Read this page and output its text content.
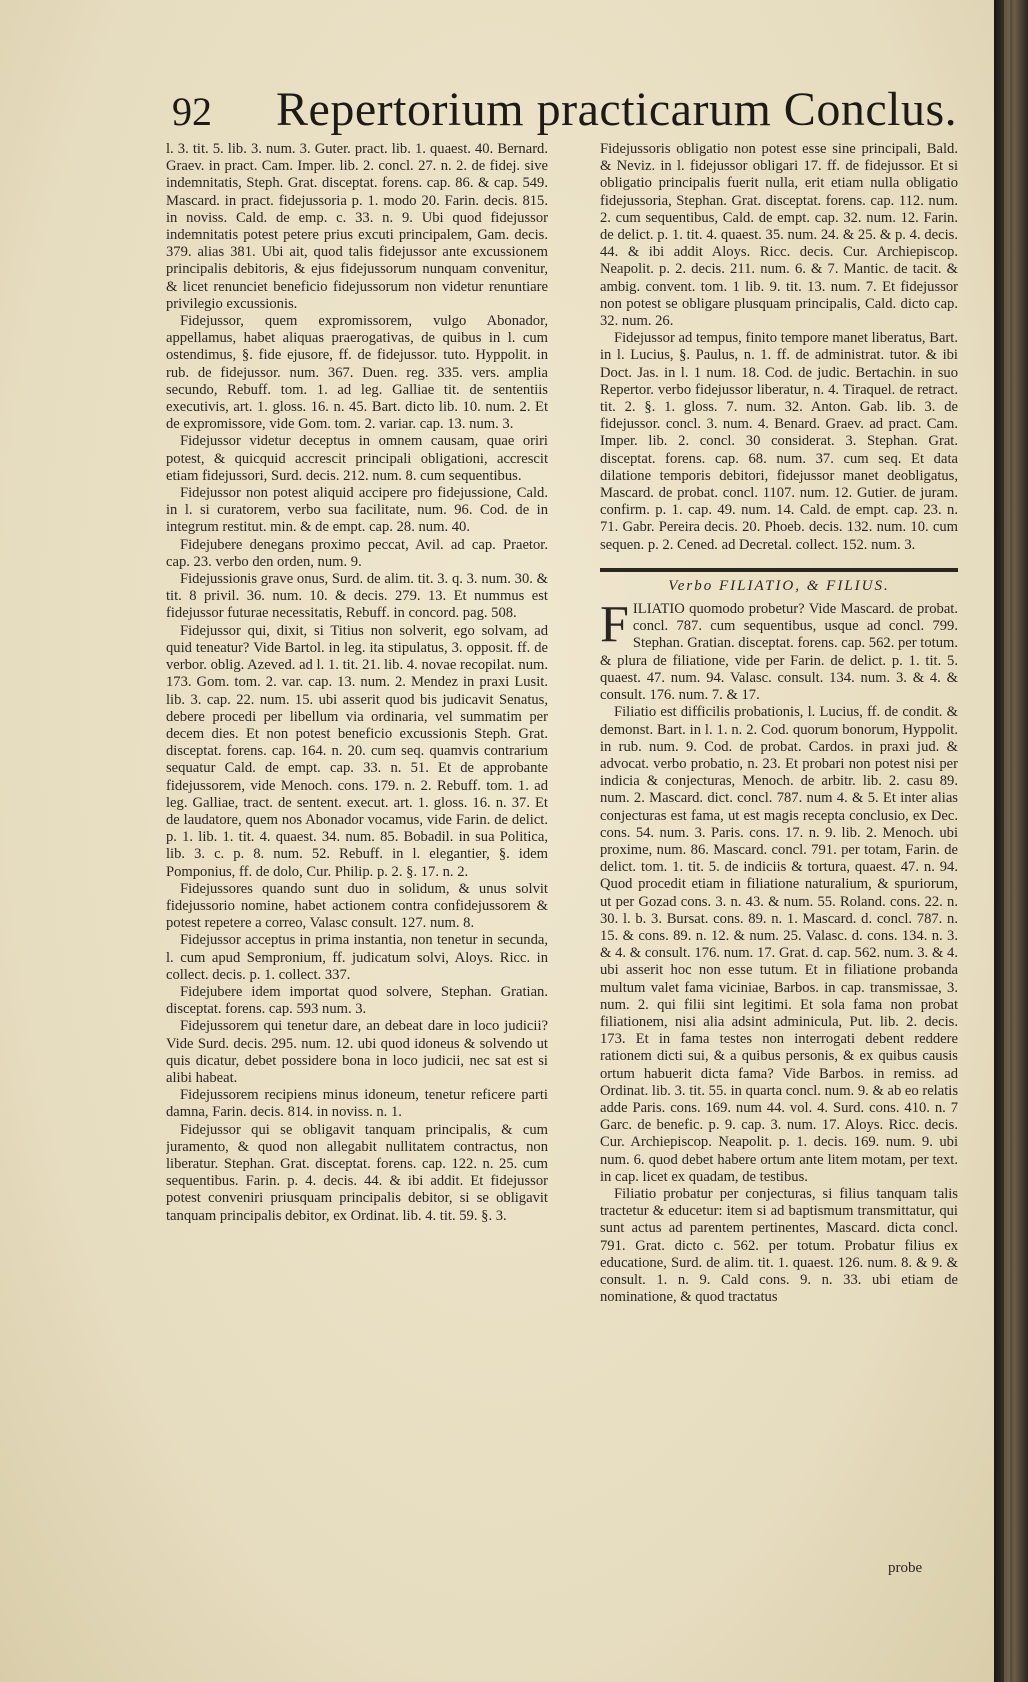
92 Repertorium practicarum Conclus.

l. 3. tit. 5. lib. 3. num. 3. Guter. pract. lib. 1. quaest. 40. Bernard. Graev. in pract. Cam. Imper. lib. 2. concl. 27. n. 2. de fidej. sive indemnitatis, Steph. Grat. disceptat. forens. cap. 86. & cap. 549. Mascard. in pract. fidejussoria p. 1. modo 20. Farin. decis. 815. in noviss. Cald. de emp. c. 33. n. 9. Ubi quod fidejussor indemnitatis potest petere prius excuti principalem, Gam. decis. 379. alias 381. Ubi ait, quod talis fidejussor ante excussionem principalis debitoris, & ejus fidejussorum nunquam convenitur, & licet renunciet beneficio fidejussorum non videtur renuntiare privilegio excussionis.

Fidejussor, quem expromissorem, vulgo Abonador, appellamus, habet aliquas praerogativas, de quibus in l. cum ostendimus, §. fide ejusore, ff. de fidejussor. tuto. Hyppolit. in rub. de fidejussor. num. 367. Duen. reg. 335. vers. amplia secundo, Rebuff. tom. 1. ad leg. Galliae tit. de sententiis executivis, art. 1. gloss. 16. n. 45. Bart. dicto lib. 10. num. 2. Et de expromissore, vide Gom. tom. 2. variar. cap. 13. num. 3.

Fidejussor videtur deceptus in omnem causam, quae oriri potest, & quicquid accrescit principali obligationi, accrescit etiam fidejussori, Surd. decis. 212. num. 8. cum sequentibus.

Fidejussor non potest aliquid accipere pro fidejussione, Cald. in l. si curatorem, verbo sua facilitate, num. 96. Cod. de in integrum restitut. min. & de empt. cap. 28. num. 40.

Fidejubere denegans proximo peccat, Avil. ad cap. Praetor. cap. 23. verbo den orden, num. 9.

Fidejussionis grave onus, Surd. de alim. tit. 3. q. 3. num. 30. & tit. 8 privil. 36. num. 10. & decis. 279. 13. Et nummus est fidejussor futurae necessitatis, Rebuff. in concord. pag. 508.

Fidejussor qui, dixit, si Titius non solverit, ego solvam, ad quid teneatur? Vide Bartol. in leg. ita stipulatus, 3. opposit. ff. de verbor. oblig. Azeved. ad l. 1. tit. 21. lib. 4. novae recopilat. num. 173. Gom. tom. 2. var. cap. 13. num. 2. Mendez in praxi Lusit. lib. 3. cap. 22. num. 15. ubi asserit quod bis judicavit Senatus, debere procedi per libellum via ordinaria, vel summatim per decem dies. Et non potest beneficio excussionis Steph. Grat. disceptat. forens. cap. 164. n. 20. cum seq. quamvis contrarium sequatur Cald. de empt. cap. 33. n. 51. Et de approbante fidejussorem, vide Menoch. cons. 179. n. 2. Rebuff. tom. 1. ad leg. Galliae, tract. de sentent. execut. art. 1. gloss. 16. n. 37. Et de laudatore, quem nos Abonador vocamus, vide Farin. de delict. p. 1. lib. 1. tit. 4. quaest. 34. num. 85. Bobadil. in sua Politica, lib. 3. c. p. 8. num. 52. Rebuff. in l. elegantier, §. idem Pomponius, ff. de dolo, Cur. Philip. p. 2. §. 17. n. 2.

Fidejussores quando sunt duo in solidum, & unus solvit fidejussorio nomine, habet actionem contra confidejussorem & potest repetere a correo, Valasc consult. 127. num. 8.

Fidejussor acceptus in prima instantia, non tenetur in secunda, l. cum apud Sempronium, ff. judicatum solvi, Aloys. Ricc. in collect. decis. p. 1. collect. 337.

Fidejubere idem importat quod solvere, Stephan. Gratian. disceptat. forens. cap. 593 num. 3.

Fidejussorem qui tenetur dare, an debeat dare in loco judicii? Vide Surd. decis. 295. num. 12. ubi quod idoneus & solvendo ut quis dicatur, debet possidere bona in loco judicii, nec sat est si alibi habeat.

Fidejussorem recipiens minus idoneum, tenetur reficere parti damna, Farin. decis. 814. in noviss. n. 1.

Fidejussor qui se obligavit tanquam principalis, & cum juramento, & quod non allegabit nullitatem contractus, non liberatur. Stephan. Grat. disceptat. forens. cap. 122. n. 25. cum sequentibus. Farin. p. 4. decis. 44. & ibi addit. Et fidejussor potest conveniri priusquam principalis debitor, si se obligavit tanquam principalis debitor, ex Ordinat. lib. 4. tit. 59. §. 3.

Fidejussoris obligatio non potest esse sine principali, Bald. & Neviz. in l. fidejussor obligari 17. ff. de fidejussor. Et si obligatio principalis fuerit nulla, erit etiam nulla obligatio fidejussoria, Stephan. Grat. disceptat. forens. cap. 112. num. 2. cum sequentibus, Cald. de empt. cap. 32. num. 12. Farin. de delict. p. 1. tit. 4. quaest. 35. num. 24. & 25. & p. 4. decis. 44. & ibi addit Aloys. Ricc. decis. Cur. Archiepiscop. Neapolit. p. 2. decis. 211. num. 6. & 7. Mantic. de tacit. & ambig. convent. tom. 1 lib. 9. tit. 13. num. 7. Et fidejussor non potest se obligare plusquam principalis, Cald. dicto cap. 32. num. 26.

Fidejussor ad tempus, finito tempore manet liberatus, Bart. in l. Lucius, §. Paulus, n. 1. ff. de administrat. tutor. & ibi Doct. Jas. in l. 1 num. 18. Cod. de judic. Bertachin. in suo Repertor. verbo fidejussor liberatur, n. 4. Tiraquel. de retract. tit. 2. §. 1. gloss. 7. num. 32. Anton. Gab. lib. 3. de fidejussor. concl. 3. num. 4. Benard. Graev. ad pract. Cam. Imper. lib. 2. concl. 30 considerat. 3. Stephan. Grat. disceptat. forens. cap. 68. num. 37. cum seq. Et data dilatione temporis debitori, fidejussor manet deobligatus, Mascard. de probat. concl. 1107. num. 12. Gutier. de juram. confirm. p. 1. cap. 49. num. 14. Cald. de empt. cap. 23. n. 71. Gabr. Pereira decis. 20. Phoeb. decis. 132. num. 10. cum sequen. p. 2. Cened. ad Decretal. collect. 152. num. 3.

Verbo FILIATIO, & FILIUS.

FILIATIO quomodo probetur? Vide Mascard. de probat. concl. 787. cum sequentibus, usque ad concl. 799. Stephan. Gratian. disceptat. forens. cap. 562. per totum. & plura de filiatione, vide per Farin. de delict. p. 1. tit. 5. quaest. 47. num. 94. Valasc. consult. 134. num. 3. & 4. & consult. 176. num. 7. & 17.

Filiatio est difficilis probationis, l. Lucius, ff. de condit. & demonst. Bart. in l. 1. n. 2. Cod. quorum bonorum, Hyppolit. in rub. num. 9. Cod. de probat. Cardos. in praxi jud. & advocat. verbo probatio, n. 23. Et probari non potest nisi per indicia & conjecturas, Menoch. de arbitr. lib. 2. casu 89. num. 2. Mascard. dict. concl. 787. num 4. & 5. Et inter alias conjecturas est fama, ut est magis recepta conclusio, ex Dec. cons. 54. num. 3. Paris. cons. 17. n. 9. lib. 2. Menoch. ubi proxime, num. 86. Mascard. concl. 791. per totam, Farin. de delict. tom. 1. tit. 5. de indiciis & tortura, quaest. 47. n. 94. Quod procedit etiam in filiatione naturalium, & spuriorum, ut per Gozad cons. 3. n. 43. & num. 55. Roland. cons. 22. n. 30. l. b. 3. Bursat. cons. 89. n. 1. Mascard. d. concl. 787. n. 15. & cons. 89. n. 12. & num. 25. Valasc. d. cons. 134. n. 3. & 4. & consult. 176. num. 17. Grat. d. cap. 562. num. 3. & 4. ubi asserit hoc non esse tutum. Et in filiatione probanda multum valet fama viciniae, Barbos. in cap. transmissae, 3. num. 2. qui filii sint legitimi. Et sola fama non probat filiationem, nisi alia adsint adminicula, Put. lib. 2. decis. 173. Et in fama testes non interrogati debent reddere rationem dicti sui, & a quibus personis, & ex quibus causis ortum habuerit dicta fama? Vide Barbos. in remiss. ad Ordinat. lib. 3. tit. 55. in quarta concl. num. 9. & ab eo relatis adde Paris. cons. 169. num 44. vol. 4. Surd. cons. 410. n. 7 Garc. de benefic. p. 9. cap. 3. num. 17. Aloys. Ricc. decis. Cur. Archiepiscop. Neapolit. p. 1. decis. 169. num. 9. ubi num. 6. quod debet habere ortum ante litem motam, per text. in cap. licet ex quadam, de testibus.

Filiatio probatur per conjecturas, si filius tanquam talis tractetur & educetur: item si ad baptismum transmittatur, qui sunt actus ad parentem pertinentes, Mascard. dicta concl. 791. Grat. dicto c. 562. per totum. Probatur filius ex educatione, Surd. de alim. tit. 1. quaest. 126. num. 8. & 9. & consult. 1. n. 9. Cald cons. 9. n. 33. ubi etiam de nominatione, & quod tractatus

probe
